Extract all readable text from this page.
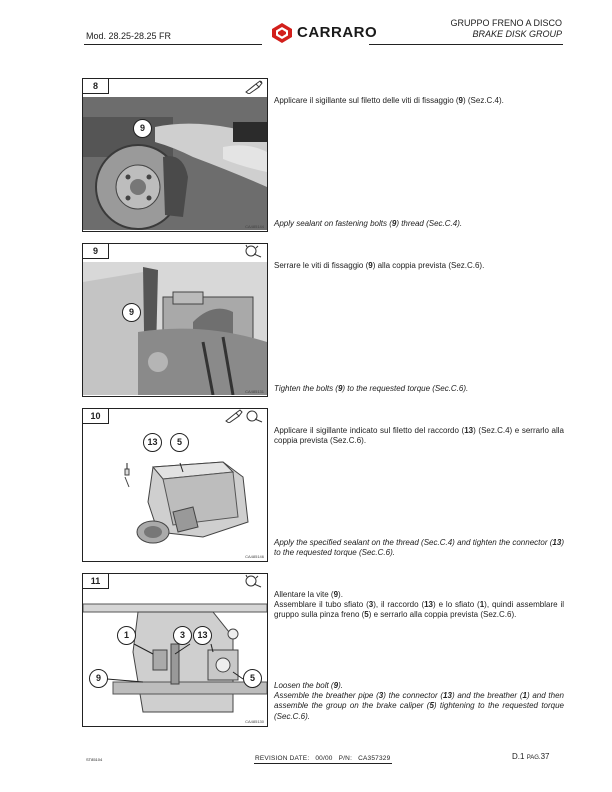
Mod. 28.25-28.25 FR	CARRARO
GRUPPO FRENO A DISCO
BRAKE DISK GROUP
8
9
CA485144
Applicare il sigillante sul filetto delle viti di fissaggio (9) (Sez.C.4).
Apply sealant on fastening bolts (9) thread (Sec.C.4).
9
9
CA485131
Serrare le viti di fissaggio (9) alla coppia prevista (Sez.C.6).
Tighten the bolts (9) to the requested torque (Sec.C.6).
10
13	5
CA485146
Applicare il sigillante indicato sul filetto del raccordo (13) (Sez.C.4) e serrarlo alla coppia prevista (Sez.C.6).
Apply the specified sealant on the thread (Sec.C.4) and tighten the connector (13) to the requested torque (Sec.C.6).
11
1	3	13
9	5
CA485130
Allentare la vite (9).
Assemblare il tubo sfiato (3), il raccordo (13) e lo sfiato (1), quindi assemblare il gruppo sulla pinza freno (5) e serrarlo alla coppia prevista (Sez.C.6).
Loosen the bolt (9).
Assemble the breather pipe (3) the connector (13) and the breather (1) and then assemble the group on the brake caliper (5) tightening to the requested torque (Sec.C.6).
ST85104	REVISION DATE:   00/00   P/N:   CA357329	D.1 PAG.37
